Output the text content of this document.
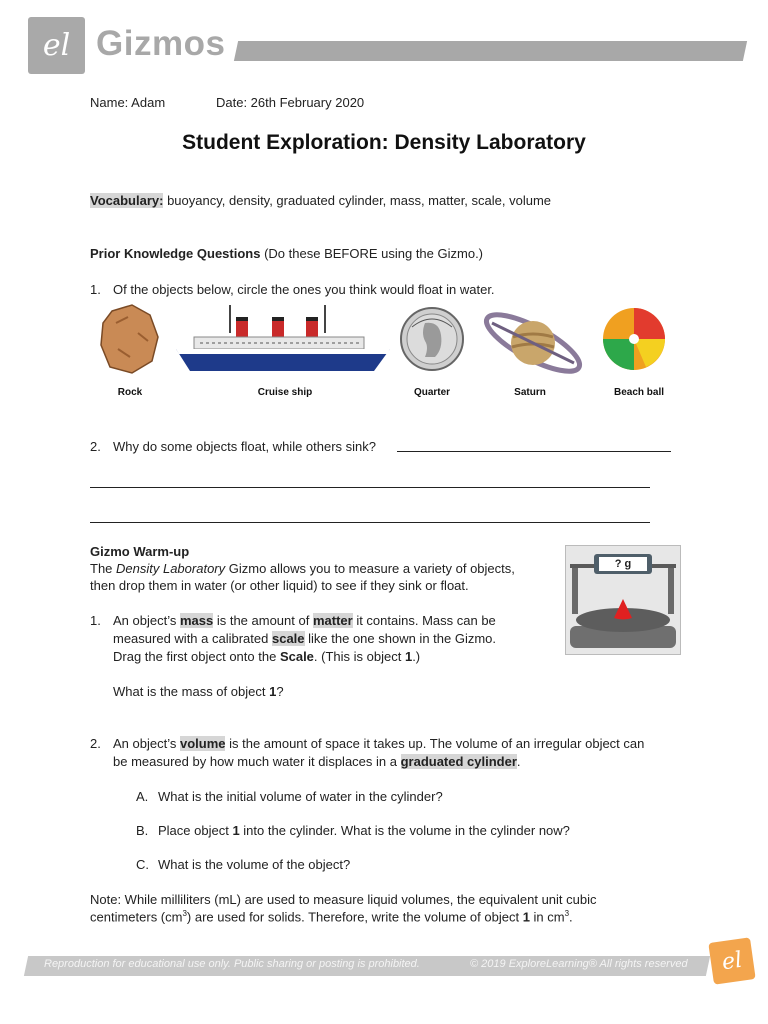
еl Gizmos
Name: Adam	Date: 26th February 2020
Student Exploration: Density Laboratory
Vocabulary: buoyancy, density, graduated cylinder, mass, matter, scale, volume
Prior Knowledge Questions (Do these BEFORE using the Gizmo.)
1. Of the objects below, circle the ones you think would float in water.
Rock	Cruise ship	Quarter	Saturn	Beach ball
2. Why do some objects float, while others sink?
Gizmo Warm-up
The Density Laboratory Gizmo allows you to measure a variety of objects,
then drop them in water (or other liquid) to see if they sink or float.
? g
1. An object’s mass is the amount of matter it contains. Mass can be
measured with a calibrated scale like the one shown in the Gizmo.
Drag the first object onto the Scale. (This is object 1.)
What is the mass of object 1?
2. An object’s volume is the amount of space it takes up. The volume of an irregular object can
be measured by how much water it displaces in a graduated cylinder.
A. What is the initial volume of water in the cylinder?
B. Place object 1 into the cylinder. What is the volume in the cylinder now?
C. What is the volume of the object?
Note: While milliliters (mL) are used to measure liquid volumes, the equivalent unit cubic
centimeters $(cm^3)$ are used for solids. Therefore, write the volume of object 1 in $cm^3$.
Reproduction for educational use only. Public sharing or posting is prohibited.	© 2019 ExploreLearning® All rights reserved еl
